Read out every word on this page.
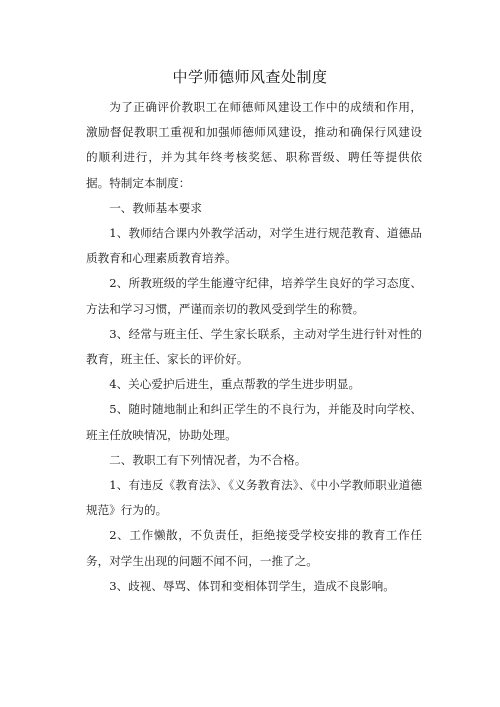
中学师德师风查处制度

为了正确评价教职工在师德师风建设工作中的成绩和作用，激励督促教职工重视和加强师德师风建设，推动和确保行风建设的顺利进行，并为其年终考核奖惩、职称晋级、聘任等提供依据。特制定本制度：

一、教师基本要求

1、教师结合课内外教学活动，对学生进行规范教育、道德品质教育和心理素质教育培养。

2、所教班级的学生能遵守纪律，培养学生良好的学习态度、方法和学习习惯，严谨而亲切的教风受到学生的称赞。

3、经常与班主任、学生家长联系，主动对学生进行针对性的教育，班主任、家长的评价好。

4、关心爱护后进生，重点帮教的学生进步明显。

5、随时随地制止和纠正学生的不良行为，并能及时向学校、班主任放映情况，协助处理。

二、教职工有下列情况者，为不合格。

1、有违反《教育法》、《义务教育法》、《中小学教师职业道德规范》行为的。

2、工作懒散，不负责任，拒绝接受学校安排的教育工作任务，对学生出现的问题不闻不问，一推了之。

3、歧视、辱骂、体罚和变相体罚学生，造成不良影响。
